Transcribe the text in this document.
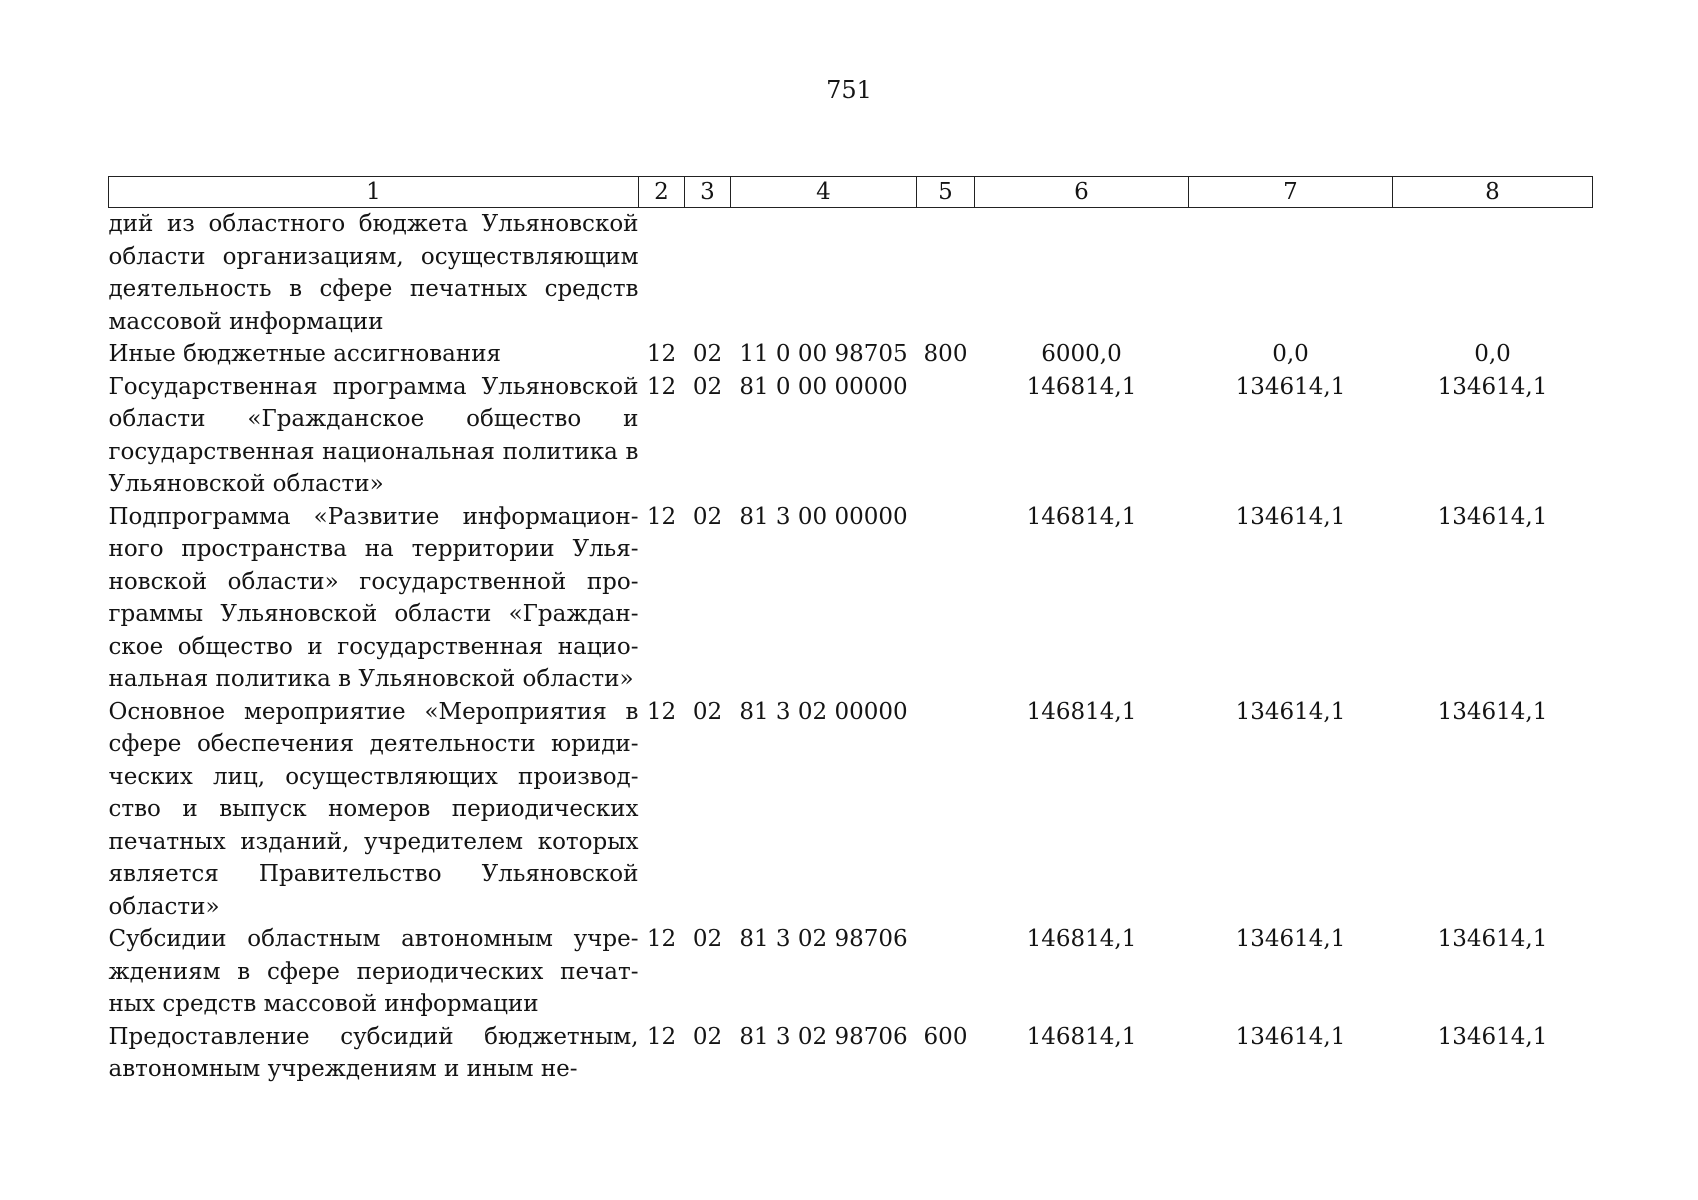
751
1	2	3	4	5	6	7	8
дий из областного бюджета Ульяновской области организациям, осуществляющим деятельность в сфере печатных средств массовой информации							
Иные бюджетные ассигнования	12	02	11 0 00 98705	800	6000,0	0,0	0,0
Государственная программа Ульяновской области «Гражданское общество и государственная национальная политика в Ульяновской области»	12	02	81 0 00 00000		146814,1	134614,1	134614,1
Подпрограмма «Развитие информационного пространства на территории Ульяновской области» государственной программы Ульяновской области «Гражданское общество и государственная национальная политика в Ульяновской области»	12	02	81 3 00 00000		146814,1	134614,1	134614,1
Основное мероприятие «Мероприятия в сфере обеспечения деятельности юридических лиц, осуществляющих производство и выпуск номеров периодических печатных изданий, учредителем которых является Правительство Ульяновской области»	12	02	81 3 02 00000		146814,1	134614,1	134614,1
Субсидии областным автономным учреждениям в сфере периодических печатных средств массовой информации	12	02	81 3 02 98706		146814,1	134614,1	134614,1
Предоставление субсидий бюджетным, автономным учреждениям и иным не-	12	02	81 3 02 98706	600	146814,1	134614,1	134614,1
